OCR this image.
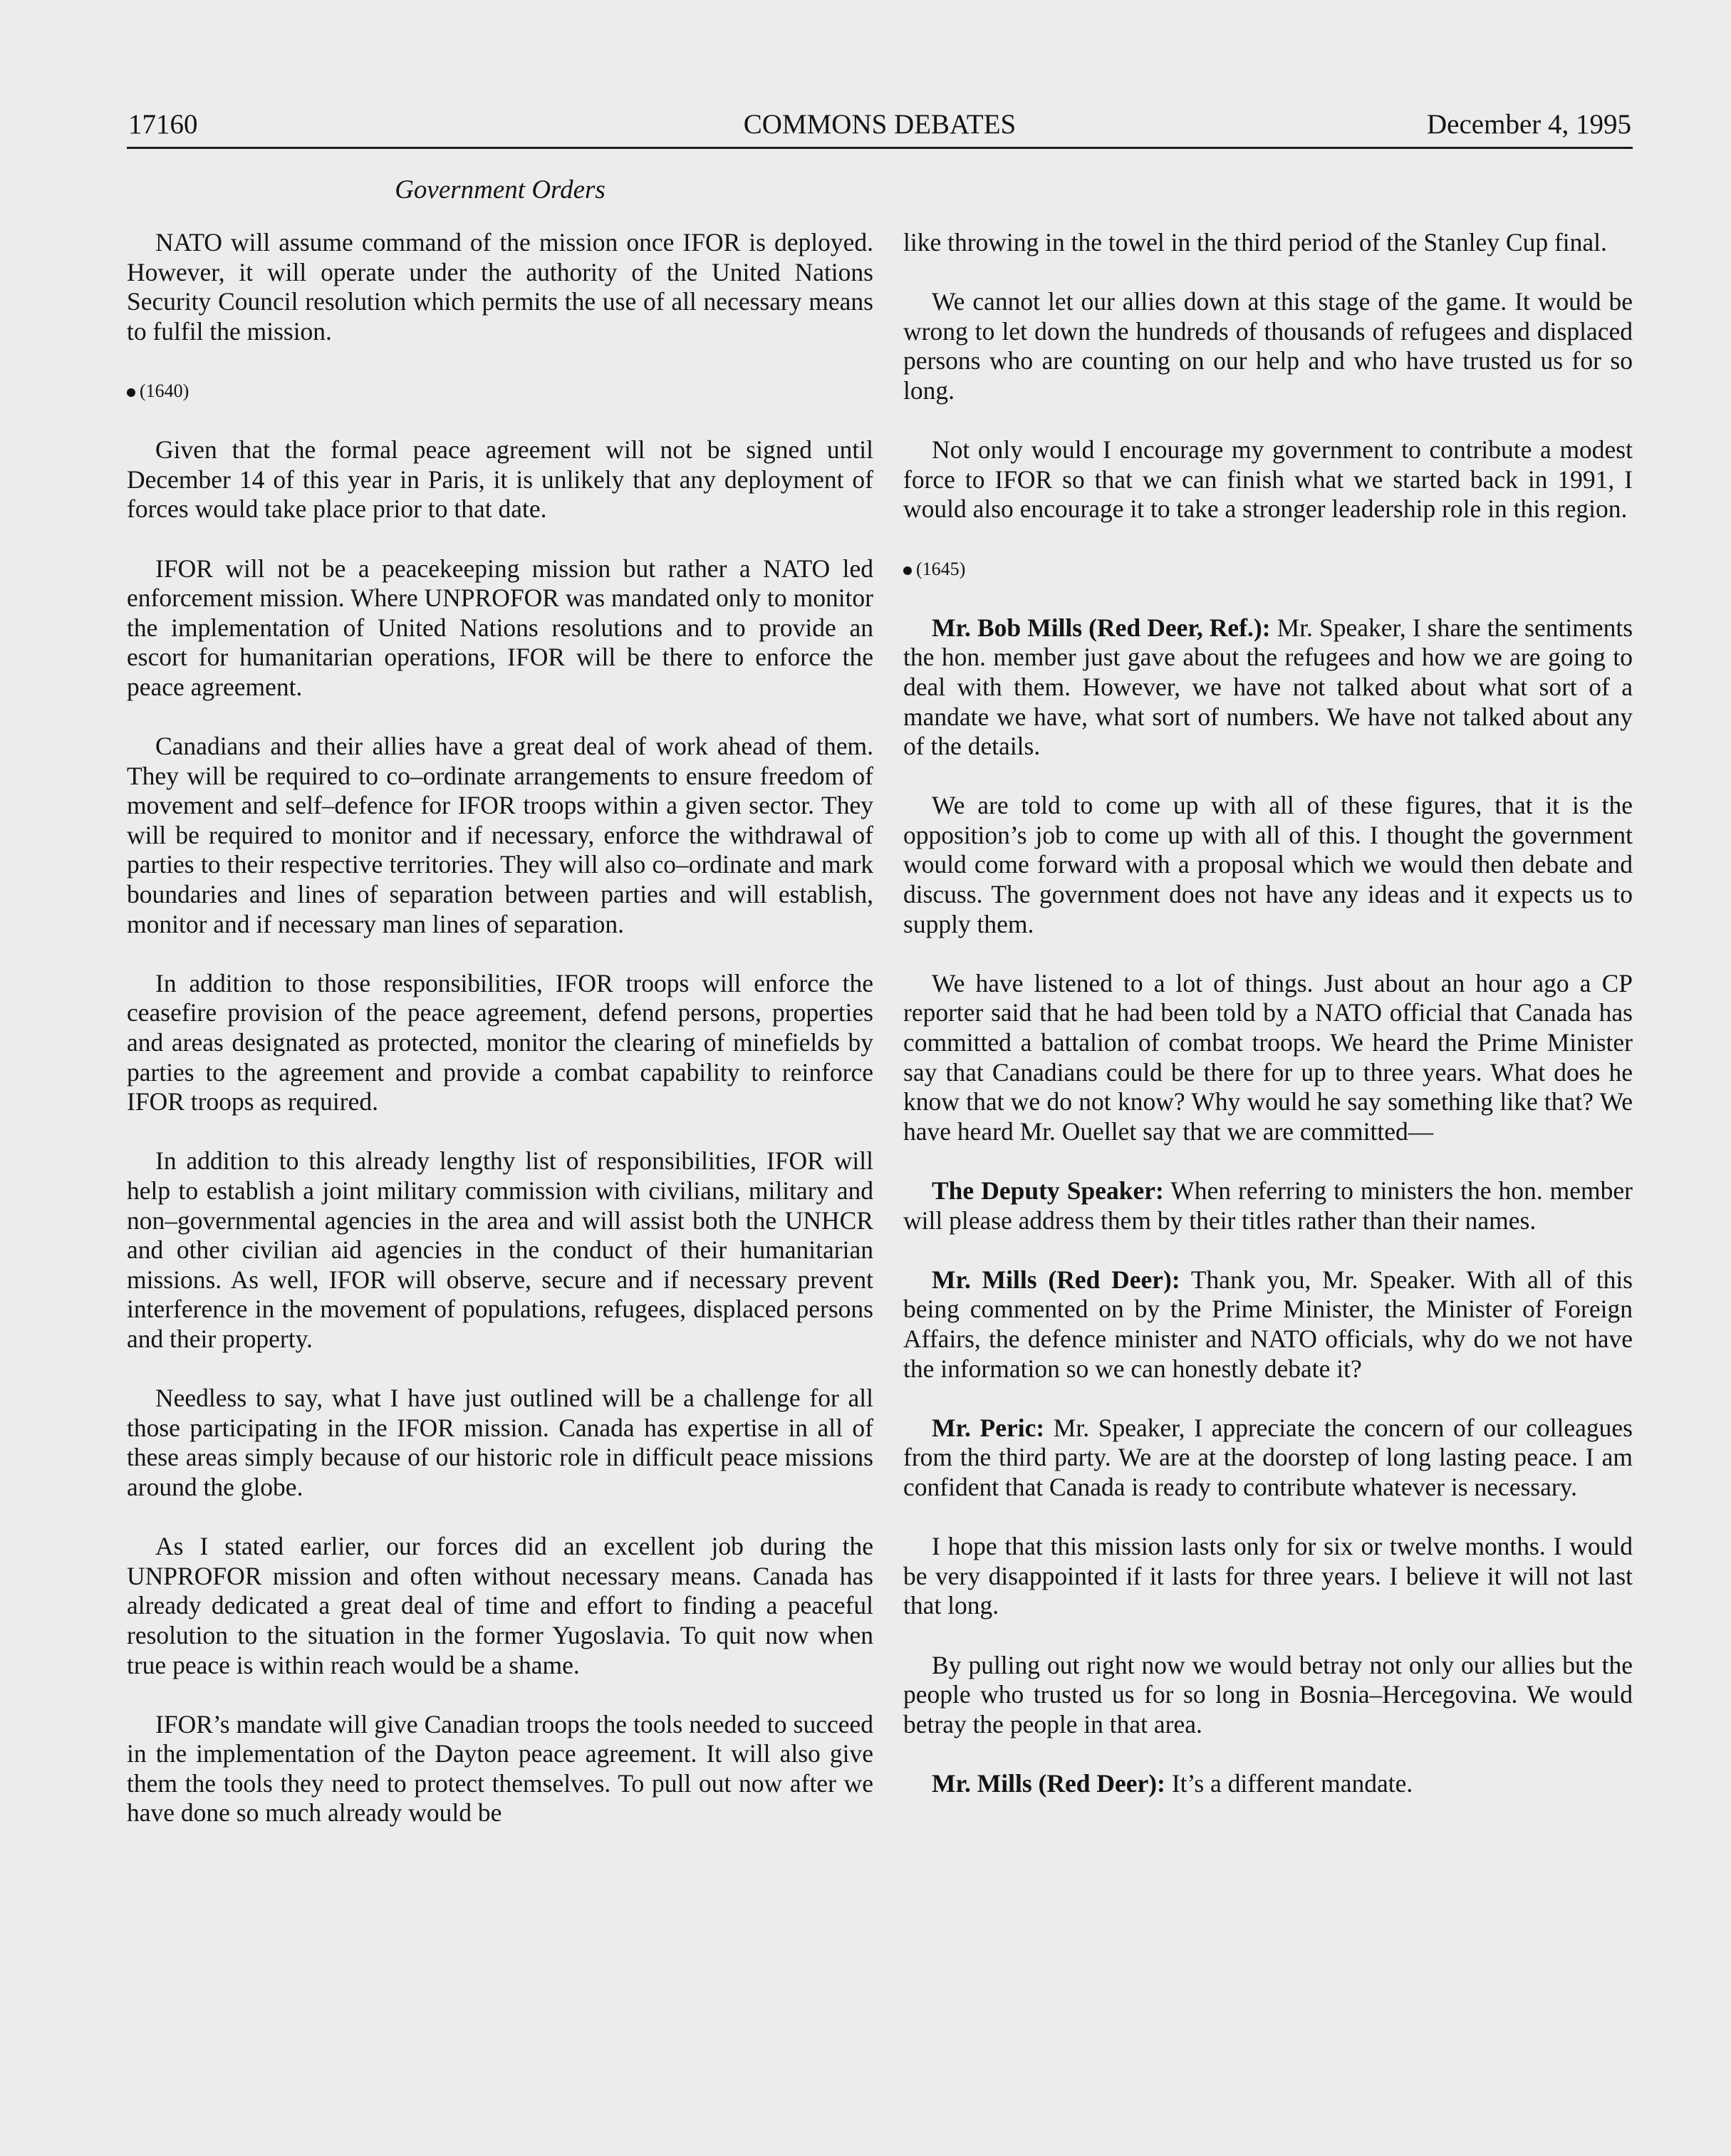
17160	COMMONS DEBATES	December 4, 1995
Government Orders

NATO will assume command of the mission once IFOR is deployed. However, it will operate under the authority of the United Nations Security Council resolution which permits the use of all necessary means to fulfil the mission.

(1640)

Given that the formal peace agreement will not be signed until December 14 of this year in Paris, it is unlikely that any deployment of forces would take place prior to that date.

IFOR will not be a peacekeeping mission but rather a NATO led enforcement mission. Where UNPROFOR was mandated only to monitor the implementation of United Nations resolutions and to provide an escort for humanitarian operations, IFOR will be there to enforce the peace agreement.

Canadians and their allies have a great deal of work ahead of them. They will be required to co–ordinate arrangements to ensure freedom of movement and self–defence for IFOR troops within a given sector. They will be required to monitor and if necessary, enforce the withdrawal of parties to their respective territories. They will also co–ordinate and mark boundaries and lines of separation between parties and will establish, monitor and if necessary man lines of separation.

In addition to those responsibilities, IFOR troops will enforce the ceasefire provision of the peace agreement, defend persons, properties and areas designated as protected, monitor the clearing of minefields by parties to the agreement and provide a combat capability to reinforce IFOR troops as required.

In addition to this already lengthy list of responsibilities, IFOR will help to establish a joint military commission with civilians, military and non–governmental agencies in the area and will assist both the UNHCR and other civilian aid agencies in the conduct of their humanitarian missions. As well, IFOR will observe, secure and if necessary prevent interference in the movement of populations, refugees, displaced persons and their property.

Needless to say, what I have just outlined will be a challenge for all those participating in the IFOR mission. Canada has expertise in all of these areas simply because of our historic role in difficult peace missions around the globe.

As I stated earlier, our forces did an excellent job during the UNPROFOR mission and often without necessary means. Canada has already dedicated a great deal of time and effort to finding a peaceful resolution to the situation in the former Yugoslavia. To quit now when true peace is within reach would be a shame.

IFOR’s mandate will give Canadian troops the tools needed to succeed in the implementation of the Dayton peace agreement. It will also give them the tools they need to protect themselves. To pull out now after we have done so much already would be

like throwing in the towel in the third period of the Stanley Cup final.

We cannot let our allies down at this stage of the game. It would be wrong to let down the hundreds of thousands of refugees and displaced persons who are counting on our help and who have trusted us for so long.

Not only would I encourage my government to contribute a modest force to IFOR so that we can finish what we started back in 1991, I would also encourage it to take a stronger leadership role in this region.

(1645)

Mr. Bob Mills (Red Deer, Ref.): Mr. Speaker, I share the sentiments the hon. member just gave about the refugees and how we are going to deal with them. However, we have not talked about what sort of a mandate we have, what sort of numbers. We have not talked about any of the details.

We are told to come up with all of these figures, that it is the opposition’s job to come up with all of this. I thought the government would come forward with a proposal which we would then debate and discuss. The government does not have any ideas and it expects us to supply them.

We have listened to a lot of things. Just about an hour ago a CP reporter said that he had been told by a NATO official that Canada has committed a battalion of combat troops. We heard the Prime Minister say that Canadians could be there for up to three years. What does he know that we do not know? Why would he say something like that? We have heard Mr. Ouellet say that we are committed—

The Deputy Speaker: When referring to ministers the hon. member will please address them by their titles rather than their names.

Mr. Mills (Red Deer): Thank you, Mr. Speaker. With all of this being commented on by the Prime Minister, the Minister of Foreign Affairs, the defence minister and NATO officials, why do we not have the information so we can honestly debate it?

Mr. Peric: Mr. Speaker, I appreciate the concern of our colleagues from the third party. We are at the doorstep of long lasting peace. I am confident that Canada is ready to contribute whatever is necessary.

I hope that this mission lasts only for six or twelve months. I would be very disappointed if it lasts for three years. I believe it will not last that long.

By pulling out right now we would betray not only our allies but the people who trusted us for so long in Bosnia–Hercegovina. We would betray the people in that area.

Mr. Mills (Red Deer): It’s a different mandate.
